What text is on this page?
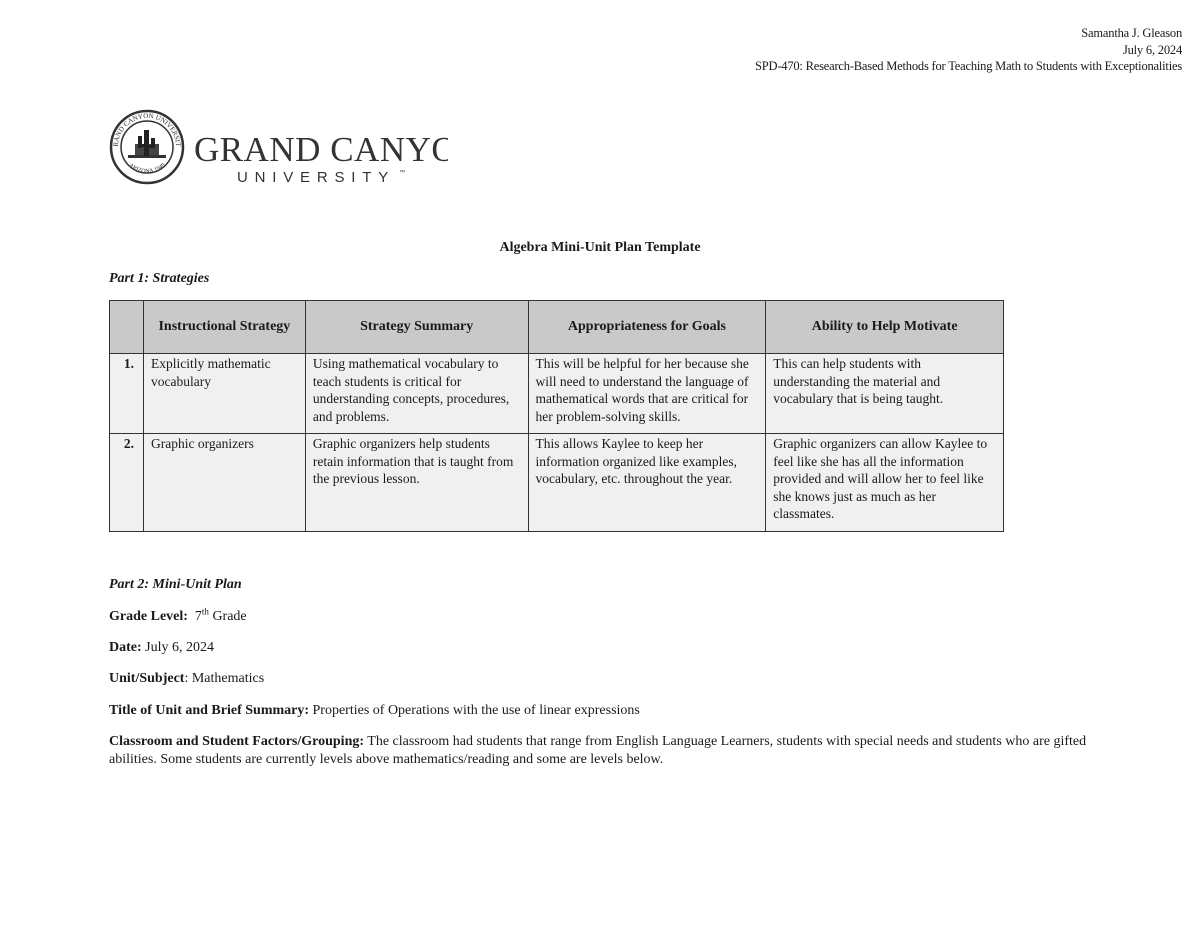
Samantha J. Gleason
July 6, 2024
SPD-470: Research-Based Methods for Teaching Math to Students with Exceptionalities
RAND CANYON UNIVERSIT
ARIZONA 1949 GRAND CANYO
UNIVERSITY ™
Algebra Mini-Unit Plan Template
Part 1: Strategies
	Instructional Strategy	Strategy Summary	Appropriateness for Goals	Ability to Help Motivate
1.	Explicitly mathematic vocabulary	Using mathematical vocabulary to teach students is critical for understanding concepts, procedures, and problems.	This will be helpful for her because she will need to understand the language of mathematical words that are critical for her problem-solving skills.	This can help students with understanding the material and vocabulary that is being taught.
2.	Graphic organizers	Graphic organizers help students retain information that is taught from the previous lesson.	This allows Kaylee to keep her information organized like examples, vocabulary, etc. throughout the year.	Graphic organizers can allow Kaylee to feel like she has all the information provided and will allow her to feel like she knows just as much as her classmates.
Part 2: Mini-Unit Plan
Grade Level: 7th Grade
Date: July 6, 2024
Unit/Subject: Mathematics
Title of Unit and Brief Summary: Properties of Operations with the use of linear expressions
Classroom and Student Factors/Grouping: The classroom had students that range from English Language Learners, students with special needs and students who are gifted abilities. Some students are currently levels above mathematics/reading and some are levels below.
